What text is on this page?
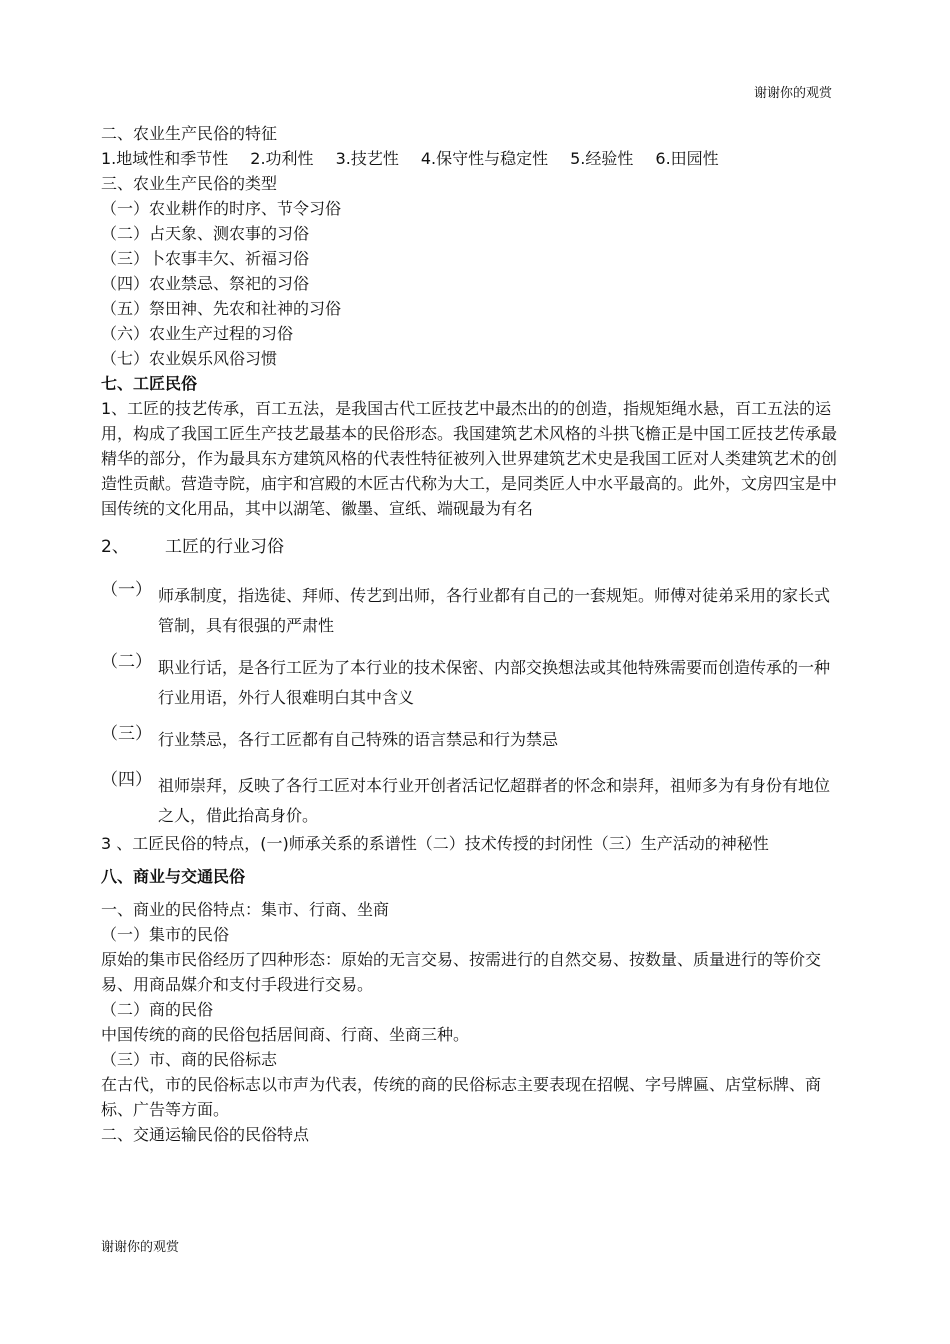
谢谢你的观赏
二、农业生产民俗的特征
1.地域性和季节性 2.功利性 3.技艺性 4.保守性与稳定性 5.经验性 6.田园性
三、农业生产民俗的类型
（一）农业耕作的时序、节令习俗
（二）占天象、测农事的习俗
（三）卜农事丰欠、祈福习俗
（四）农业禁忌、祭祀的习俗
（五）祭田神、先农和社神的习俗
（六）农业生产过程的习俗
（七）农业娱乐风俗习惯
七、工匠民俗
1、工匠的技艺传承，百工五法，是我国古代工匠技艺中最杰出的的创造，指规矩绳水悬，百工五法的运用，构成了我国工匠生产技艺最基本的民俗形态。我国建筑艺术风格的斗拱飞檐正是中国工匠技艺传承最精华的部分，作为最具东方建筑风格的代表性特征被列入世界建筑艺术史是我国工匠对人类建筑艺术的创造性贡献。营造寺院，庙宇和宫殿的木匠古代称为大工，是同类匠人中水平最高的。此外，文房四宝是中国传统的文化用品，其中以湖笔、徽墨、宣纸、端砚最为有名
2、 工匠的行业习俗
（一） 师承制度，指选徒、拜师、传艺到出师，各行业都有自己的一套规矩。师傅对徒弟采用的家长式管制，具有很强的严肃性
（二） 职业行话，是各行工匠为了本行业的技术保密、内部交换想法或其他特殊需要而创造传承的一种行业用语，外行人很难明白其中含义
（三） 行业禁忌，各行工匠都有自己特殊的语言禁忌和行为禁忌
（四） 祖师崇拜，反映了各行工匠对本行业开创者活记忆超群者的怀念和崇拜，祖师多为有身份有地位之人，借此抬高身价。
3 、工匠民俗的特点，(一)师承关系的系谱性（二）技术传授的封闭性（三）生产活动的神秘性
八、商业与交通民俗
一、商业的民俗特点：集市、行商、坐商
（一）集市的民俗
原始的集市民俗经历了四种形态：原始的无言交易、按需进行的自然交易、按数量、质量进行的等价交易、用商品媒介和支付手段进行交易。
（二）商的民俗
中国传统的商的民俗包括居间商、行商、坐商三种。
（三）市、商的民俗标志
在古代，市的民俗标志以市声为代表，传统的商的民俗标志主要表现在招幌、字号牌匾、店堂标牌、商标、广告等方面。
二、交通运输民俗的民俗特点
谢谢你的观赏
